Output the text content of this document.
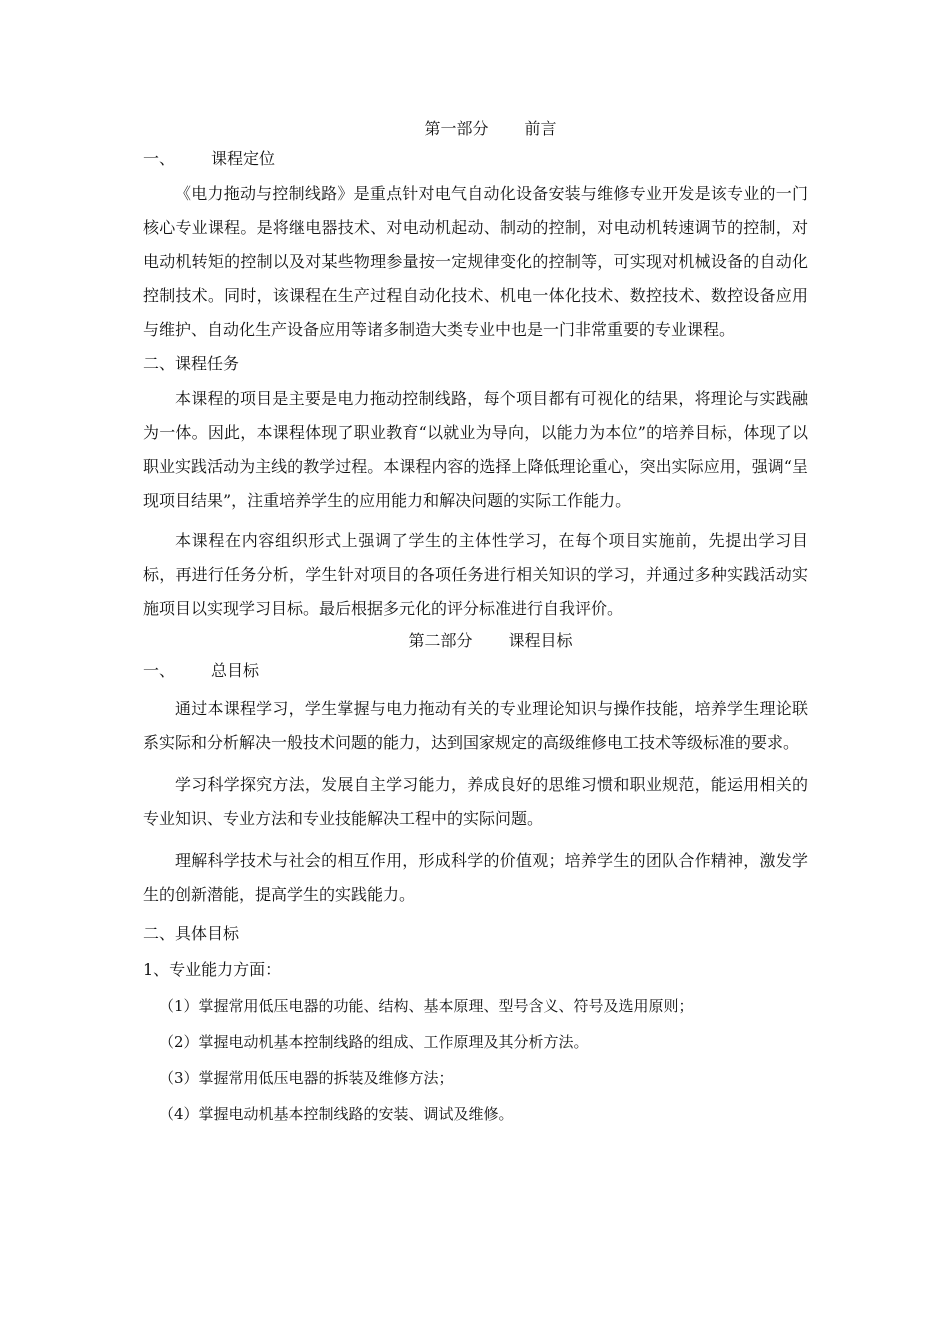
第一部分 前言
一、 课程定位

《电力拖动与控制线路》是重点针对电气自动化设备安装与维修专业开发是该专业的一门核心专业课程。是将继电器技术、对电动机起动、制动的控制，对电动机转速调节的控制，对电动机转矩的控制以及对某些物理参量按一定规律变化的控制等，可实现对机械设备的自动化控制技术。同时，该课程在生产过程自动化技术、机电一体化技术、数控技术、数控设备应用与维护、自动化生产设备应用等诸多制造大类专业中也是一门非常重要的专业课程。

二、课程任务

本课程的项目是主要是电力拖动控制线路，每个项目都有可视化的结果，将理论与实践融为一体。因此，本课程体现了职业教育“以就业为导向，以能力为本位”的培养目标，体现了以职业实践活动为主线的教学过程。本课程内容的选择上降低理论重心，突出实际应用，强调“呈现项目结果”，注重培养学生的应用能力和解决问题的实际工作能力。

本课程在内容组织形式上强调了学生的主体性学习，在每个项目实施前，先提出学习目标，再进行任务分析，学生针对项目的各项任务进行相关知识的学习，并通过多种实践活动实施项目以实现学习目标。最后根据多元化的评分标准进行自我评价。

第二部分 课程目标
一、 总目标

通过本课程学习，学生掌握与电力拖动有关的专业理论知识与操作技能，培养学生理论联系实际和分析解决一般技术问题的能力，达到国家规定的高级维修电工技术等级标准的要求。

学习科学探究方法，发展自主学习能力，养成良好的思维习惯和职业规范，能运用相关的专业知识、专业方法和专业技能解决工程中的实际问题。

理解科学技术与社会的相互作用，形成科学的价值观；培养学生的团队合作精神，激发学生的创新潜能，提高学生的实践能力。

二、具体目标
1、专业能力方面：

（1）掌握常用低压电器的功能、结构、基本原理、型号含义、符号及选用原则；

（2）掌握电动机基本控制线路的组成、工作原理及其分析方法。

（3）掌握常用低压电器的拆装及维修方法；

（4）掌握电动机基本控制线路的安装、调试及维修。
